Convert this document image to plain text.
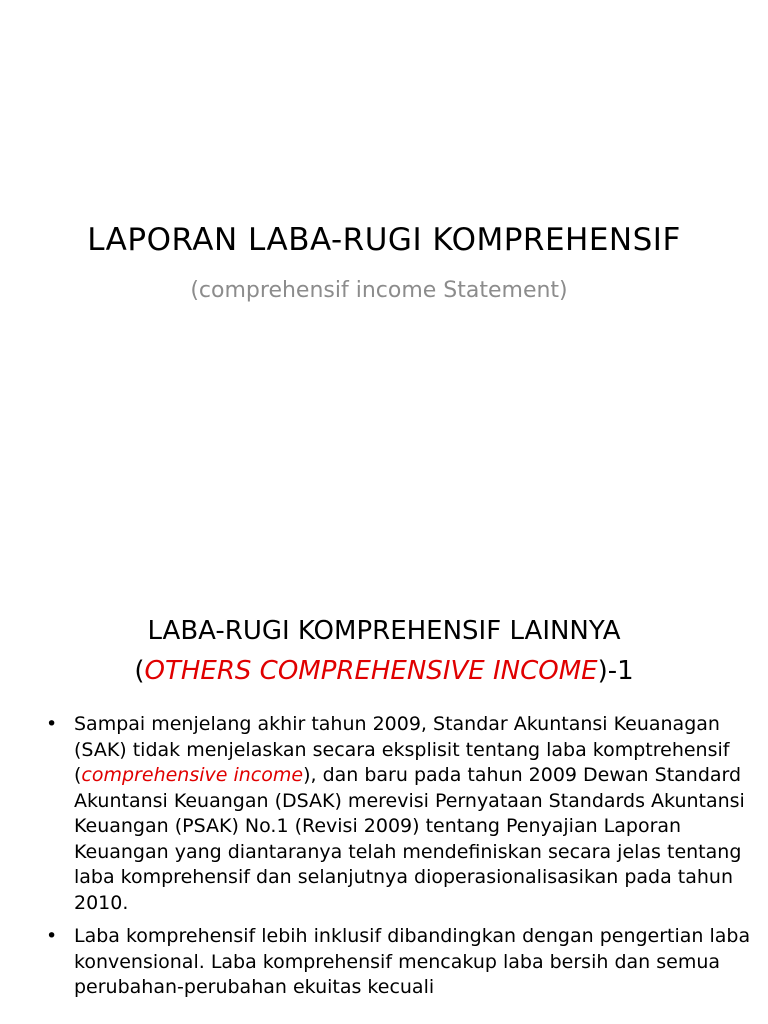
LAPORAN LABA-RUGI KOMPREHENSIF
(comprehensif income Statement)
LABA-RUGI KOMPREHENSIF LAINNYA
(OTHERS COMPREHENSIVE INCOME)-1
• Sampai menjelang akhir tahun 2009, Standar Akuntansi Keuanagan (SAK) tidak menjelaskan secara eksplisit tentang laba komptrehensif (comprehensive income), dan baru pada tahun 2009 Dewan Standard Akuntansi Keuangan (DSAK) merevisi Pernyataan Standards Akuntansi Keuangan (PSAK) No.1 (Revisi 2009) tentang Penyajian Laporan Keuangan yang diantaranya telah mendefiniskan secara jelas tentang laba komprehensif dan selanjutnya dioperasionalisasikan pada tahun 2010.
• Laba komprehensif lebih inklusif dibandingkan dengan pengertian laba konvensional. Laba komprehensif mencakup laba bersih dan semua perubahan-perubahan ekuitas kecuali
